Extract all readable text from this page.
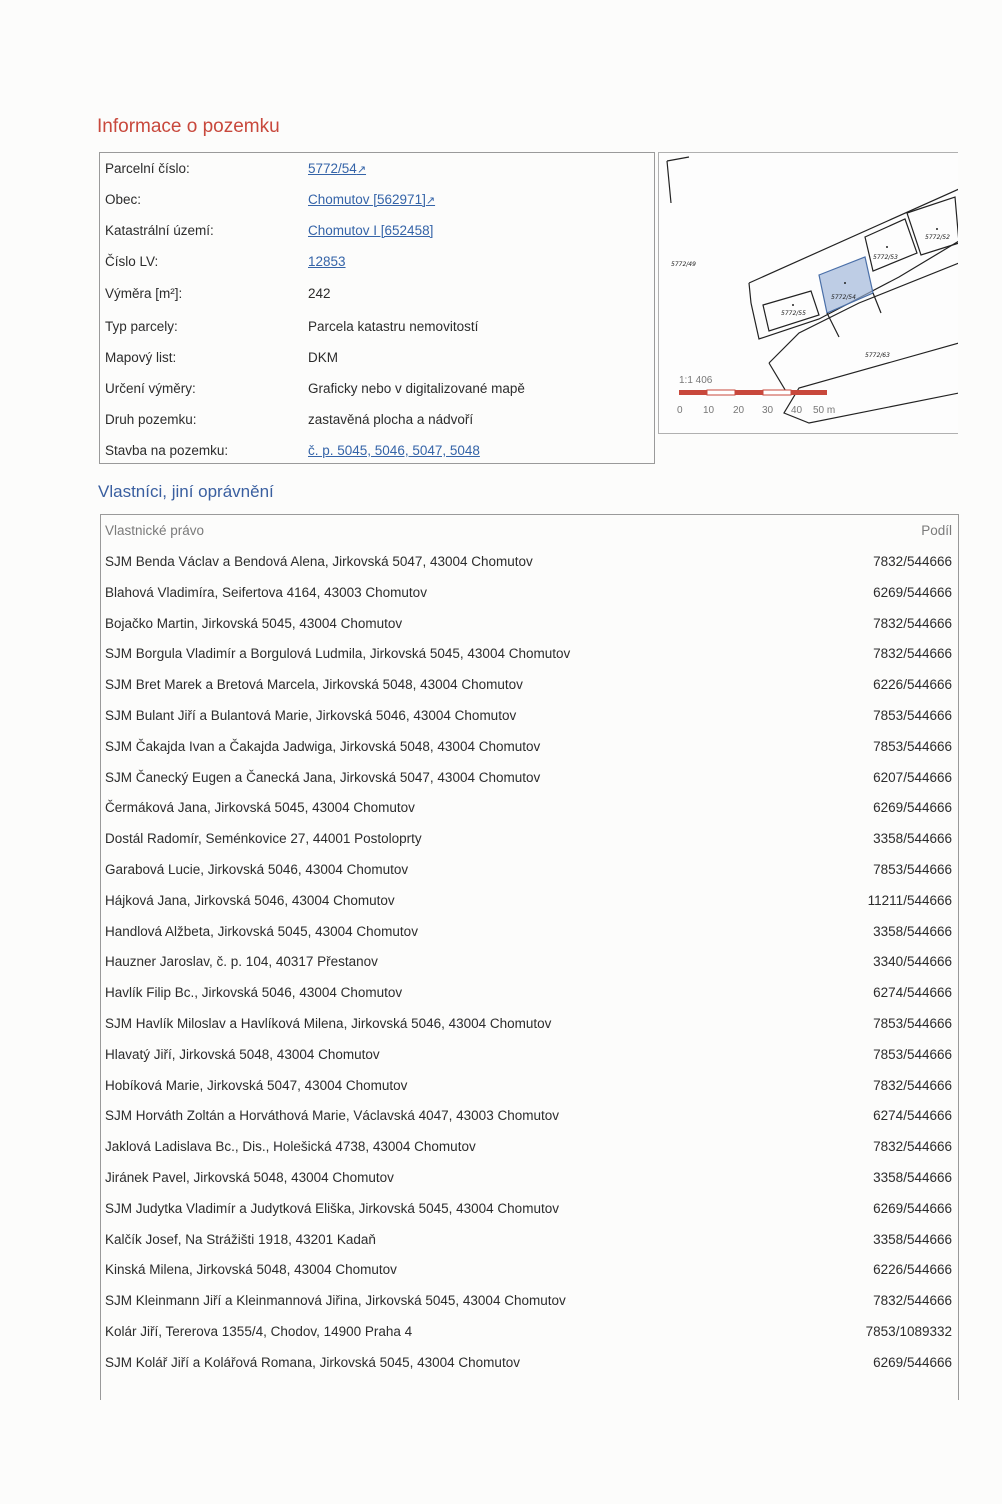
Informace o pozemku
Parcelní číslo:	5772/54↗
Obec:	Chomutov [562971]↗
Katastrální území:	Chomutov I [652458]
Číslo LV:	12853
Výměra [m²]:	242
Typ parcely:	Parcela katastru nemovitostí
Mapový list:	DKM
Určení výměry:	Graficky nebo v digitalizované mapě
Druh pozemku:	zastavěná plocha a nádvoří
Stavba na pozemku:	č. p. 5045, 5046, 5047, 5048
5772/49
5772/53
5772/52
5772/54
5772/55
5772/63
1:1 406
0 10 20 30 40 50 m
Vlastníci, jiní oprávnění
Vlastnické právo	Podíl
SJM Benda Václav a Bendová Alena, Jirkovská 5047, 43004 Chomutov	7832/544666
Blahová Vladimíra, Seifertova 4164, 43003 Chomutov	6269/544666
Bojačko Martin, Jirkovská 5045, 43004 Chomutov	7832/544666
SJM Borgula Vladimír a Borgulová Ludmila, Jirkovská 5045, 43004 Chomutov	7832/544666
SJM Bret Marek a Bretová Marcela, Jirkovská 5048, 43004 Chomutov	6226/544666
SJM Bulant Jiří a Bulantová Marie, Jirkovská 5046, 43004 Chomutov	7853/544666
SJM Čakajda Ivan a Čakajda Jadwiga, Jirkovská 5048, 43004 Chomutov	7853/544666
SJM Čanecký Eugen a Čanecká Jana, Jirkovská 5047, 43004 Chomutov	6207/544666
Čermáková Jana, Jirkovská 5045, 43004 Chomutov	6269/544666
Dostál Radomír, Seménkovice 27, 44001 Postoloprty	3358/544666
Garabová Lucie, Jirkovská 5046, 43004 Chomutov	7853/544666
Hájková Jana, Jirkovská 5046, 43004 Chomutov	11211/544666
Handlová Alžbeta, Jirkovská 5045, 43004 Chomutov	3358/544666
Hauzner Jaroslav, č. p. 104, 40317 Přestanov	3340/544666
Havlík Filip Bc., Jirkovská 5046, 43004 Chomutov	6274/544666
SJM Havlík Miloslav a Havlíková Milena, Jirkovská 5046, 43004 Chomutov	7853/544666
Hlavatý Jiří, Jirkovská 5048, 43004 Chomutov	7853/544666
Hobíková Marie, Jirkovská 5047, 43004 Chomutov	7832/544666
SJM Horváth Zoltán a Horváthová Marie, Václavská 4047, 43003 Chomutov	6274/544666
Jaklová Ladislava Bc., Dis., Holešická 4738, 43004 Chomutov	7832/544666
Jiránek Pavel, Jirkovská 5048, 43004 Chomutov	3358/544666
SJM Judytka Vladimír a Judytková Eliška, Jirkovská 5045, 43004 Chomutov	6269/544666
Kalčík Josef, Na Strážišti 1918, 43201 Kadaň	3358/544666
Kinská Milena, Jirkovská 5048, 43004 Chomutov	6226/544666
SJM Kleinmann Jiří a Kleinmannová Jiřina, Jirkovská 5045, 43004 Chomutov	7832/544666
Kolár Jiří, Tererova 1355/4, Chodov, 14900 Praha 4	7853/1089332
SJM Kolář Jiří a Kolářová Romana, Jirkovská 5045, 43004 Chomutov	6269/544666
